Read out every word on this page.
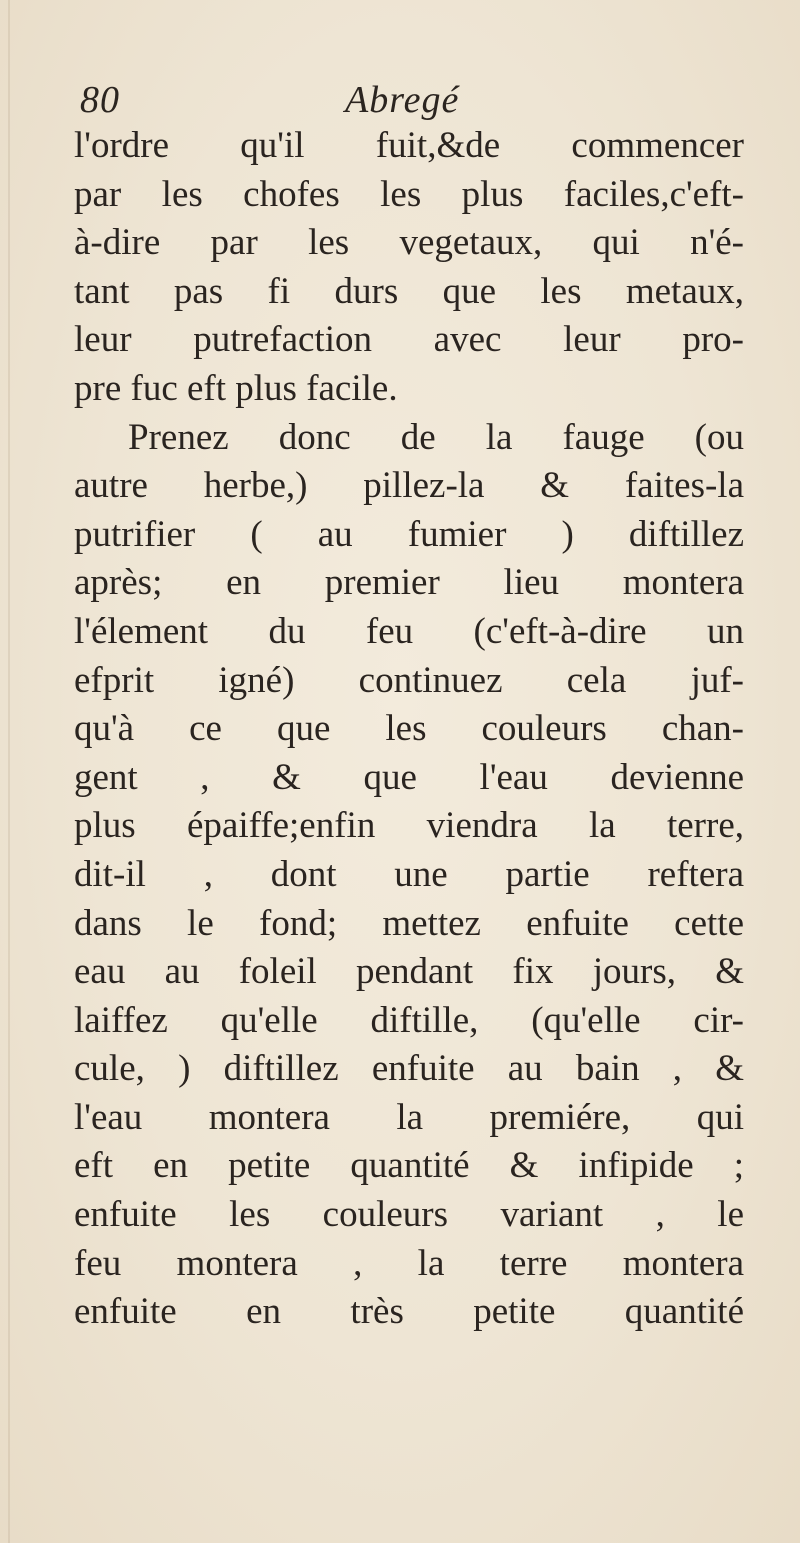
80	Abregé
l'ordre qu'il fuit,&de commencer
par les chofes les plus faciles,c'eft-
à-dire par les vegetaux, qui n'é-
tant pas fi durs que les metaux,
leur putrefaction avec leur pro-
pre fuc eft plus facile.
Prenez donc de la fauge (ou
autre herbe,) pillez-la & faites-la
putrifier ( au fumier ) diftillez
après; en premier lieu montera
l'élement du feu (c'eft-à-dire un
efprit igné) continuez cela juf-
qu'à ce que les couleurs chan-
gent , & que l'eau devienne
plus épaiffe;enfin viendra la terre,
dit-il , dont une partie reftera
dans le fond; mettez enfuite cette
eau au foleil pendant fix jours, &
laiffez qu'elle diftille, (qu'elle cir-
cule, ) diftillez enfuite au bain , &
l'eau montera la premiére, qui
eft en petite quantité & infipide ;
enfuite les couleurs variant , le
feu montera , la terre montera
enfuite en très petite quantité
